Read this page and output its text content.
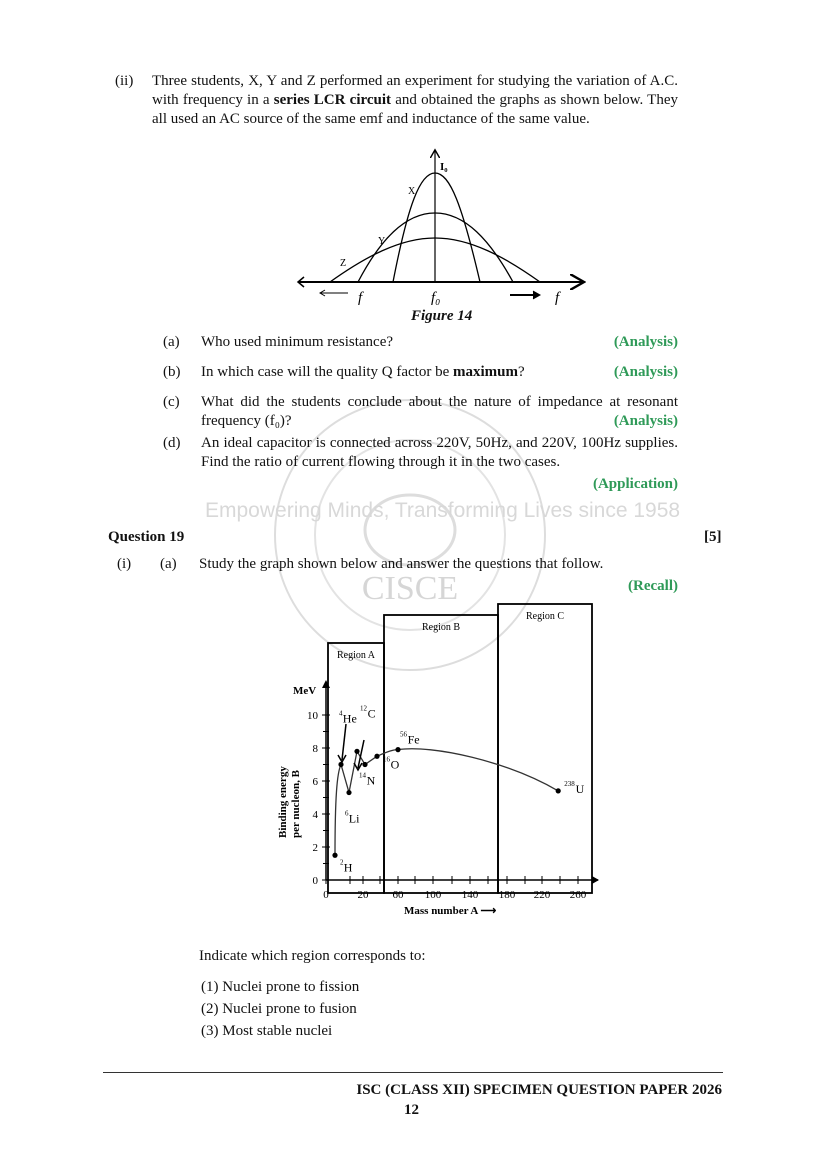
CISCE
Empowering Minds, Transforming Lives since 1958
(ii) Three students, X, Y and Z performed an experiment for studying the variation of A.C. with frequency in a series LCR circuit and obtained the graphs as shown below. They all used an AC source of the same emf and inductance of the same value.
I₀
X
Y
Z
f	f₀	f
Figure 14
(a) Who used minimum resistance?	(Analysis)
(b) In which case will the quality Q factor be maximum?	(Analysis)
(c) What did the students conclude about the nature of impedance at resonant frequency (f₀)?	(Analysis)
(d) An ideal capacitor is connected across 220V, 50Hz, and 220V, 100Hz supplies. Find the ratio of current flowing through it in the two cases.
(Application)
Question 19	[5]
(i) (a) Study the graph shown below and answer the questions that follow.
(Recall)
0	20 60 100 140 180 220 260
0
2
4
6
8
10
MeV
Mass number A ⟶
Binding energy per nucleon, B
Region A
Region B
Region C
2 H
4 He
6 Li
12 C
14 N
16 O
56 Fe
238 U
Indicate which region corresponds to:
(1) Nuclei prone to fission
(2) Nuclei prone to fusion
(3) Most stable nuclei
ISC (CLASS XII) SPECIMEN QUESTION PAPER 2026
12
